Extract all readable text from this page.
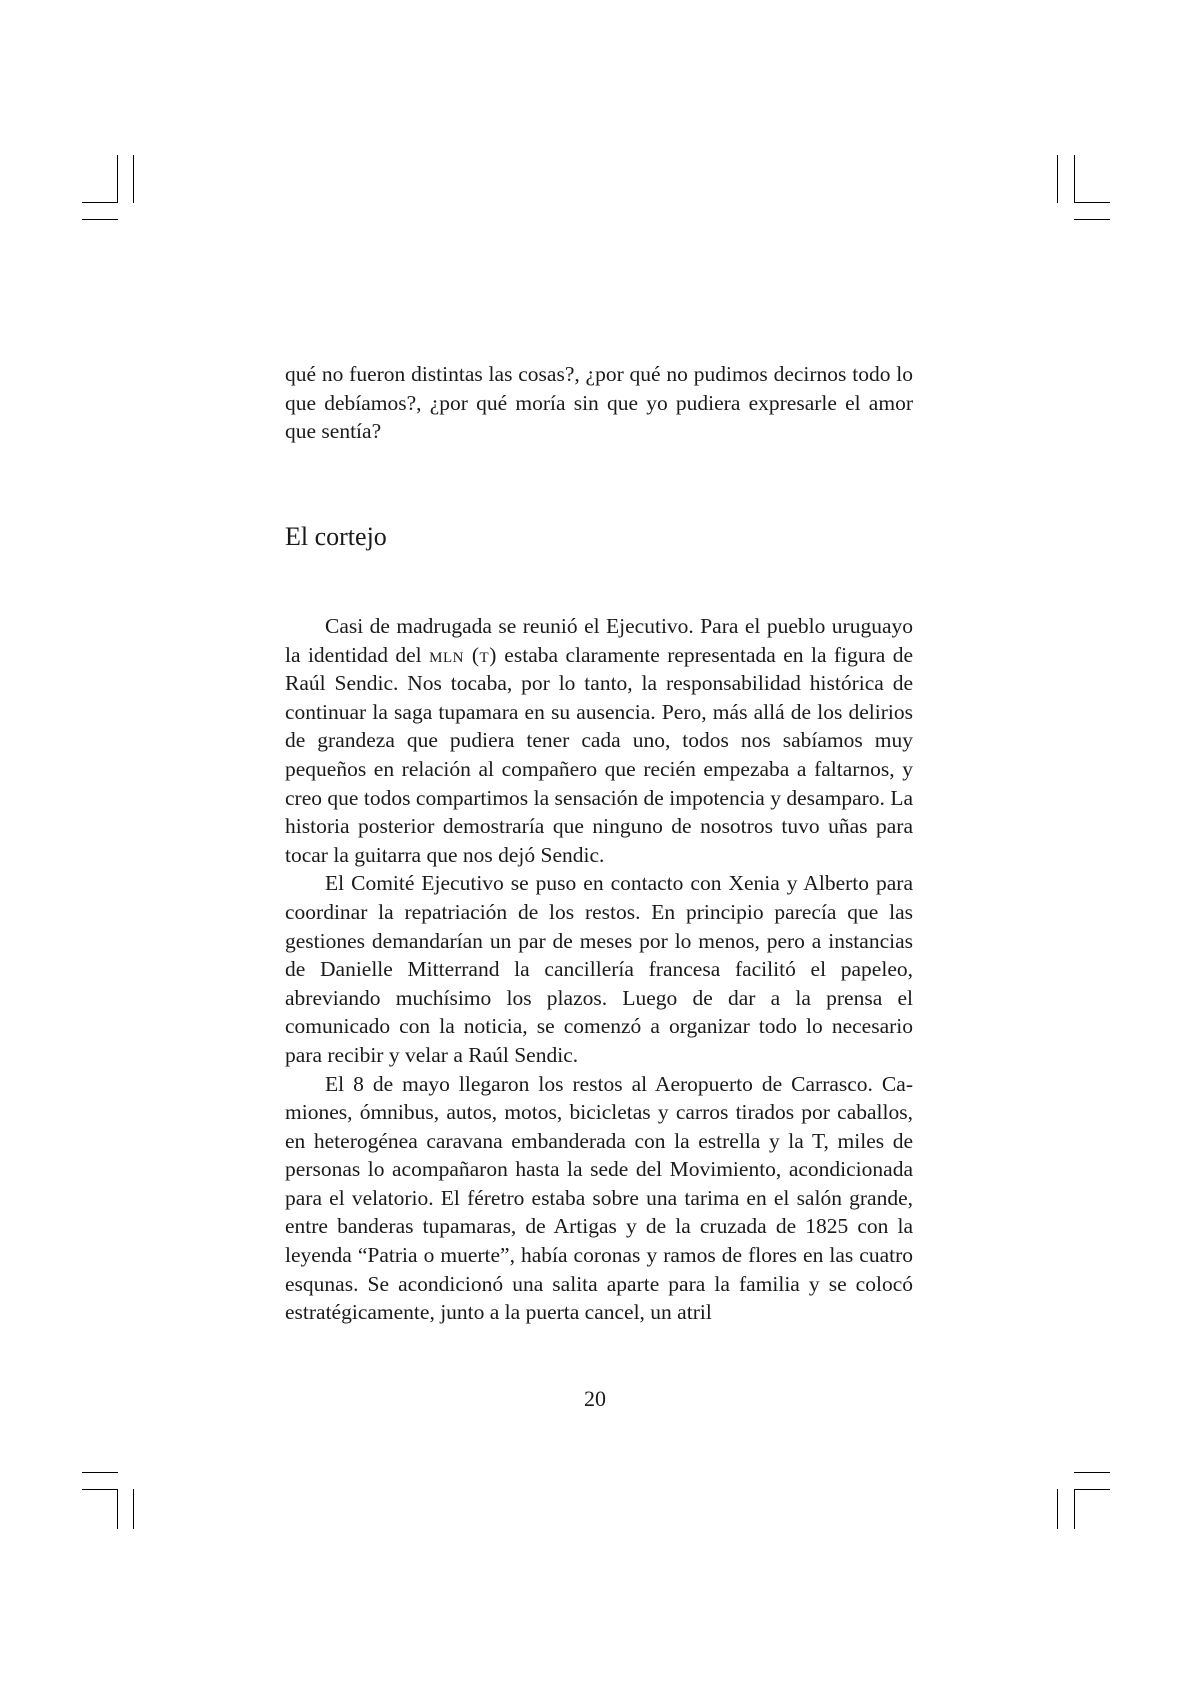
qué no fueron distintas las cosas?, ¿por qué no pudimos decirnos todo lo que debíamos?, ¿por qué moría sin que yo pudiera expresarle el amor que sentía?

El cortejo

Casi de madrugada se reunió el Ejecutivo. Para el pueblo uruguayo la identidad del mln (t) estaba claramente representada en la figura de Raúl Sendic. Nos tocaba, por lo tanto, la responsabilidad histórica de continuar la saga tupamara en su ausencia. Pero, más allá de los delirios de grandeza que pudiera tener cada uno, todos nos sabíamos muy pequeños en relación al compañero que recién empezaba a faltarnos, y creo que todos compartimos la sensación de impotencia y desamparo. La historia posterior demostraría que ninguno de nosotros tuvo uñas para tocar la guitarra que nos dejó Sendic.

El Comité Ejecutivo se puso en contacto con Xenia y Alberto para coordinar la repatriación de los restos. En principio parecía que las gestiones demandarían un par de meses por lo menos, pero a instancias de Danielle Mitterrand la cancillería francesa facilitó el papeleo, abreviando muchísimo los plazos. Luego de dar a la prensa el comunicado con la noticia, se comenzó a organizar todo lo necesario para recibir y velar a Raúl Sendic.

El 8 de mayo llegaron los restos al Aeropuerto de Carrasco. Camiones, ómnibus, autos, motos, bicicletas y carros tirados por caballos, en heterogénea caravana embanderada con la estrella y la T, miles de personas lo acompañaron hasta la sede del Movimiento, acondicionada para el velatorio. El féretro estaba sobre una tarima en el salón grande, entre banderas tupamaras, de Artigas y de la cruzada de 1825 con la leyenda “Patria o muerte”, había coronas y ramos de flores en las cuatro esqunas. Se acondicionó una salita aparte para la familia y se colocó estratégicamente, junto a la puerta cancel, un atril

20
